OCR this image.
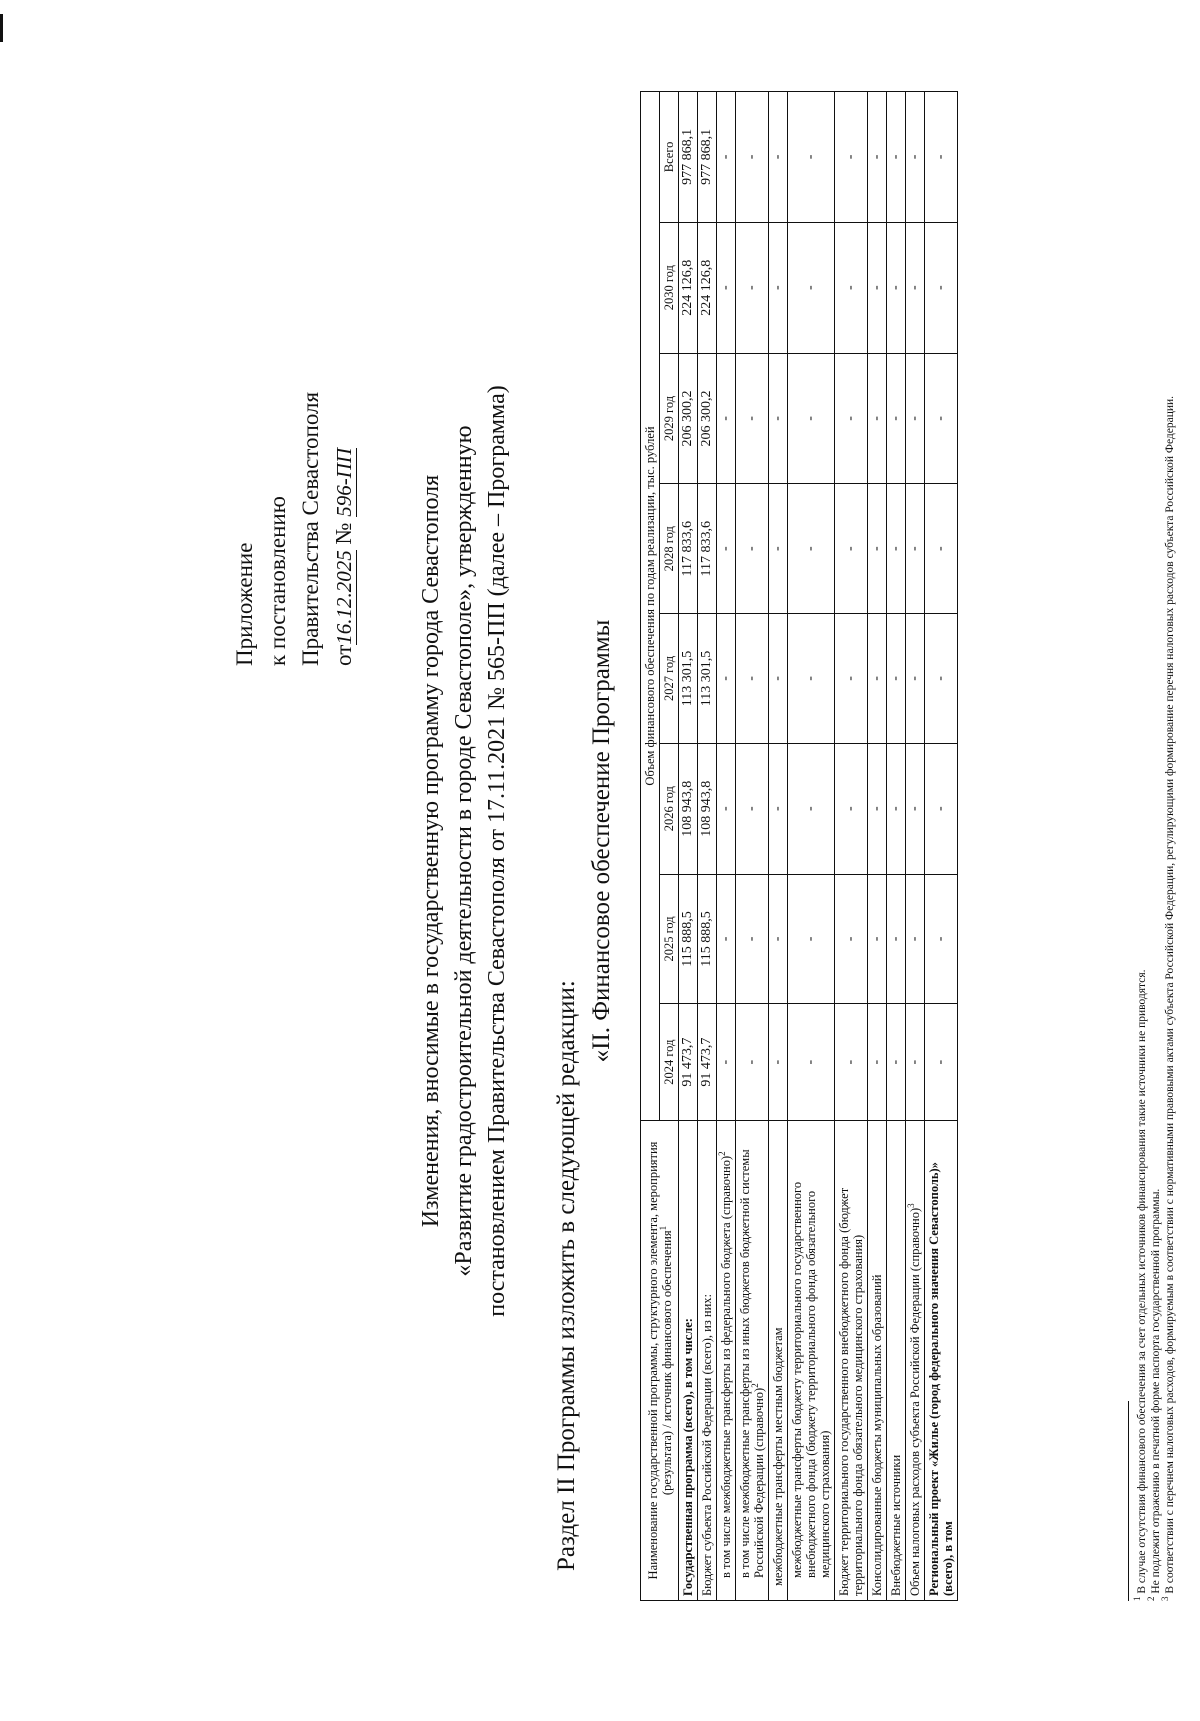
Приложение к постановлению Правительства Севастополя от16.12.2025 № 596-ПП	Изменения, вносимые в государственную программу города Севастополя «Развитие градостроительной деятельности в городе Севастополе», утвержденную постановлением Правительства Севастополя от 17.11.2021 № 565-ПП (далее – Программа) Раздел II Программы изложить в следующей редакции:
«II. Финансовое обеспечение Программы
Наименование государственной программы, структурного элемента, мероприятия (результата) / источник финансового обеспечения$^1$	Объем финансового обеспечения по годам реализации, тыс. рублей							
	2024 год	2025 год	2026 год	2027 год	2028 год	2029 год	2030 год	Всего
Государственная программа (всего), в том числе:	91 473,7	115 888,5	108 943,8	113 301,5	117 833,6	206 300,2	224 126,8	977 868,1
Бюджет субъекта Российской Федерации (всего), из них:	91 473,7	115 888,5	108 943,8	113 301,5	117 833,6	206 300,2	224 126,8	977 868,1
в том числе межбюджетные трансферты из федерального бюджета (справочно)$^2$	-	-	-	-	-	-	-	-
в том числе межбюджетные трансферты из иных бюджетов бюджетной системы Российской Федерации (справочно)$^2$	-	-	-	-	-	-	-	-
межбюджетные трансферты местным бюджетам	-	-	-	-	-	-	-	-
межбюджетные трансферты бюджету территориального государственного внебюджетного фонда (бюджету территориального фонда обязательного медицинского страхования)	-	-	-	-	-	-	-	-
Бюджет территориального государственного внебюджетного фонда (бюджет территориального фонда обязательного медицинского страхования)	-	-	-	-	-	-	-	-
Консолидированные бюджеты муниципальных образований	-	-	-	-	-	-	-	-
Внебюджетные источники	-	-	-	-	-	-	-	-
Объем налоговых расходов субъекта Российской Федерации (справочно)$^3$	-	-	-	-	-	-	-	-
Региональный проект «Жилье (город федерального значения Севастополь)» (всего), в том	-	-	-	-	-	-	-	-
$^1$ В случае отсутствия финансового обеспечения за счет отдельных источников финансирования такие источники не приводятся.
$^2$ Не подлежит отражению в печатной форме паспорта государственной программы.
$^3$ В соответствии с перечнем налоговых расходов, формируемым в соответствии с нормативными правовыми актами субъекта Российской Федерации, регулирующими формирование перечня налоговых расходов субъекта Российской Федерации.
